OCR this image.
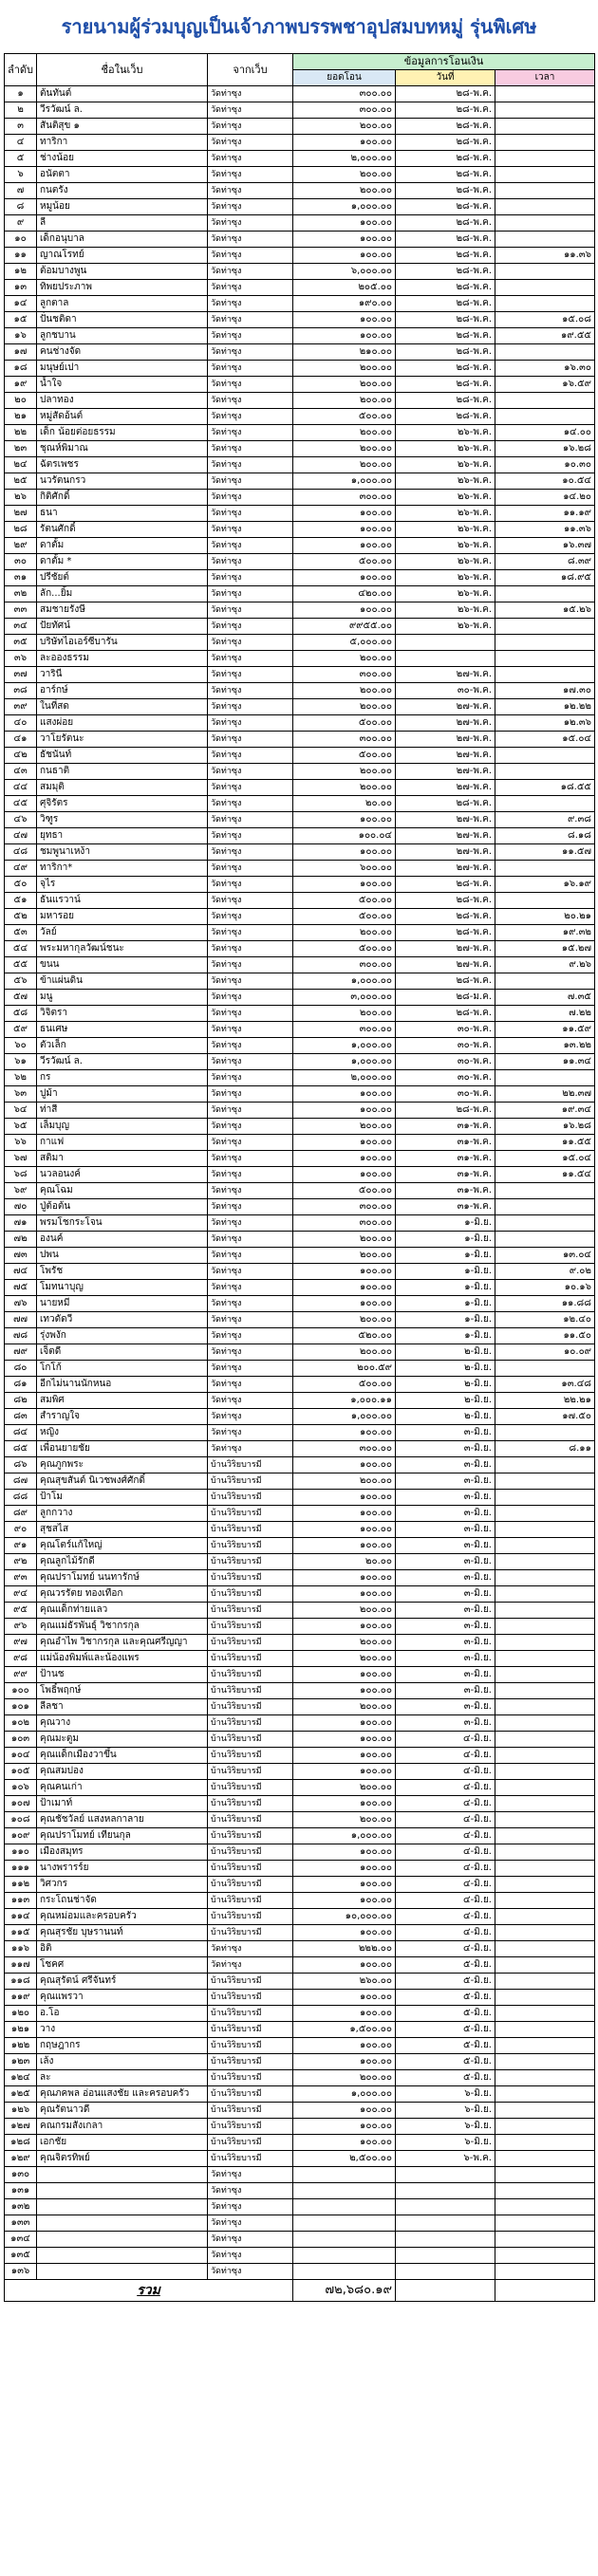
รายนามผู้ร่วมบุญเป็นเจ้าภาพบรรพชาอุปสมบทหมู่ รุ่นพิเศษ
ลำดับ	ชื่อในเว็บ	จากเว็บ	ข้อมูลการโอนเงิน		
			ยอดโอน	วันที่	เวลา
๑	ต้นทันต์	วัดท่าซุง	๓๐๐.๐๐	๒๘-พ.ค.	
๒	วีรวัฒน์ ล.	วัดท่าซุง	๓๐๐.๐๐	๒๘-พ.ค.	
๓	สันติสุข ๑	วัดท่าซุง	๒๐๐.๐๐	๒๘-พ.ค.	
๔	ทาริกา	วัดท่าซุง	๑๐๐.๐๐	๒๘-พ.ค.	
๕	ช่างน้อย	วัดท่าซุง	๒,๐๐๐.๐๐	๒๘-พ.ค.	
๖	อนัตตา	วัดท่าซุง	๒๐๐.๐๐	๒๘-พ.ค.	
๗	กนตรัง	วัดท่าซุง	๒๐๐.๐๐	๒๘-พ.ค.	
๘	หมูน้อย	วัดท่าซุง	๑,๐๐๐.๐๐	๒๘-พ.ค.	
๙	ลี	วัดท่าซุง	๑๐๐.๐๐	๒๘-พ.ค.	
๑๐	เด็กอนุบาล	วัดท่าซุง	๑๐๐.๐๐	๒๘-พ.ค.	
๑๑	ญาณโรทย์	วัดท่าซุง	๑๐๐.๐๐	๒๘-พ.ค.	๑๑.๓๖
๑๒	ต้อมบางพูน	วัดท่าซุง	๖,๐๐๐.๐๐	๒๘-พ.ค.	
๑๓	ทิพยประภาพ	วัดท่าซุง	๒๐๕.๐๐	๒๘-พ.ค.	
๑๔	ลูกตาล	วัดท่าซุง	๑๙๐.๐๐	๒๘-พ.ค.	
๑๕	ปั่นชติดา	วัดท่าซุง	๑๐๐.๐๐	๒๘-พ.ค.	๑๕.๐๘
๑๖	ลูกชบาน	วัดท่าซุง	๑๐๐.๐๐	๒๘-พ.ค.	๑๙.๕๕
๑๗	คนช่างจัด	วัดท่าซุง	๒๑๐.๐๐	๒๘-พ.ค.	
๑๘	มนุษย์เปา	วัดท่าซุง	๒๐๐.๐๐	๒๘-พ.ค.	๑๖.๓๐
๑๙	น้ำใจ	วัดท่าซุง	๒๐๐.๐๐	๒๘-พ.ค.	๑๖.๕๙
๒๐	ปลาทอง	วัดท่าซุง	๒๐๐.๐๐	๒๘-พ.ค.	
๒๑	หมู่สัดอ้นต์	วัดท่าซุง	๕๐๐.๐๐	๒๘-พ.ค.	
๒๒	เด็ก น้อยต่อยธรรม	วัดท่าซุง	๒๐๐.๐๐	๒๖-พ.ค.	๑๔.๐๐
๒๓	ชุณห์พิมาณ	วัดท่าซุง	๒๐๐.๐๐	๒๖-พ.ค.	๑๖.๒๘
๒๔	ฉัตรเพชร	วัดท่าซุง	๒๐๐.๐๐	๒๖-พ.ค.	๑๐.๓๐
๒๕	นวรัตนกรว	วัดท่าซุง	๑,๐๐๐.๐๐	๒๖-พ.ค.	๑๐.๕๔
๒๖	กิติศักดิ์	วัดท่าซุง	๓๐๐.๐๐	๒๖-พ.ค.	๑๔.๒๐
๒๗	ธนา	วัดท่าซุง	๑๐๐.๐๐	๒๖-พ.ค.	๑๑.๑๙
๒๘	รัตนศักดิ์	วัดท่าซุง	๑๐๐.๐๐	๒๖-พ.ค.	๑๑.๓๖
๒๙	ดาตั้ม	วัดท่าซุง	๑๐๐.๐๐	๒๖-พ.ค.	๑๖.๓๗
๓๐	ดาตั้ม *	วัดท่าซุง	๕๐๐.๐๐	๒๖-พ.ค.	๘.๓๙
๓๑	ปรีชัยต์	วัดท่าซุง	๑๐๐.๐๐	๒๖-พ.ค.	๑๘.๙๕
๓๒	ลัก...ยิ้ม	วัดท่าซุง	๔๒๐.๐๐	๒๖-พ.ค.	
๓๓	สมชายรังษี	วัดท่าซุง	๑๐๐.๐๐	๒๖-พ.ค.	๑๕.๒๖
๓๔	ปัยทัศน์	วัดท่าซุง	๙๙๕๕.๐๐	๒๖-พ.ค.	
๓๕	บริษัทไอเอร์ซีบารัน	วัดท่าซุง	๕,๐๐๐.๐๐		
๓๖	ละอองธรรม	วัดท่าซุง	๒๐๐.๐๐		
๓๗	วารินี	วัดท่าซุง	๓๐๐.๐๐	๒๗-พ.ค.	
๓๘	อาร์กษ์	วัดท่าซุง	๒๐๐.๐๐	๓๐-พ.ค.	๑๗.๓๐
๓๙	ในที่สด	วัดท่าซุง	๒๐๐.๐๐	๒๗-พ.ค.	๑๒.๒๒
๔๐	แสงผ่อย	วัดท่าซุง	๕๐๐.๐๐	๒๗-พ.ค.	๑๒.๓๖
๔๑	วาโยรัตนะ	วัดท่าซุง	๓๐๐.๐๐	๒๗-พ.ค.	๑๕.๐๔
๔๒	ธัชนันท์	วัดท่าซุง	๕๐๐.๐๐	๒๗-พ.ค.	
๔๓	กนธาติ	วัดท่าซุง	๒๐๐.๐๐	๒๗-พ.ค.	
๔๔	สมมุติ	วัดท่าซุง	๒๐๐.๐๐	๒๗-พ.ค.	๑๘.๕๕
๔๕	ศุจิรัตร	วัดท่าซุง	๒๐.๐๐	๒๘-พ.ค.	
๔๖	วิฑูร	วัดท่าซุง	๑๐๐.๐๐	๒๗-พ.ค.	๙.๓๘
๔๗	ยุทธา	วัดท่าซุง	๑๐๐.๐๔	๒๗-พ.ค.	๘.๑๘
๔๘	ชมพูนาเหง้า	วัดท่าซุง	๑๐๐.๐๐	๒๗-พ.ค.	๑๑.๕๗
๔๙	ทาริกา*	วัดท่าซุง	๖๐๐.๐๐	๒๗-พ.ค.	
๕๐	จุไร	วัดท่าซุง	๑๐๐.๐๐	๒๘-พ.ค.	๑๖.๑๙
๕๑	ธันแรวาน์	วัดท่าซุง	๕๐๐.๐๐	๒๘-พ.ค.	
๕๒	มหารอย	วัดท่าซุง	๕๐๐.๐๐	๒๘-พ.ค.	๒๐.๒๑
๕๓	วัลย์	วัดท่าซุง	๒๐๐.๐๐	๒๘-พ.ค.	๑๙.๓๒
๕๔	พระมหากุลวัฒน์ชนะ	วัดท่าซุง	๕๐๐.๐๐	๒๗-พ.ค.	๑๕.๒๗
๕๕	ขนน	วัดท่าซุง	๓๐๐.๐๐	๒๗-พ.ค.	๙.๒๖
๕๖	ข้าแผ่นดิน	วัดท่าซุง	๑,๐๐๐.๐๐	๒๘-พ.ค.	
๕๗	มนู	วัดท่าซุง	๓,๐๐๐.๐๐	๒๘-ม.ค.	๗.๓๕
๕๘	วิจิตรา	วัดท่าซุง	๒๐๐.๐๐	๒๘-พ.ค.	๗.๒๒
๕๙	ธนเศษ	วัดท่าซุง	๓๐๐.๐๐	๓๐-พ.ค.	๑๑.๕๙
๖๐	ตัวเล็ก	วัดท่าซุง	๑,๐๐๐.๐๐	๓๐-พ.ค.	๑๓.๒๒
๖๑	วีรวัฒน์ ล.	วัดท่าซุง	๑,๐๐๐.๐๐	๓๐-พ.ค.	๑๑.๓๔
๖๒	กร	วัดท่าซุง	๒,๐๐๐.๐๐	๓๐-พ.ค.	
๖๓	ปูม้า	วัดท่าซุง	๑๐๐.๐๐	๓๐-พ.ค.	๒๒.๓๗
๖๔	ท่าสี	วัดท่าซุง	๑๐๐.๐๐	๒๘-พ.ค.	๑๙.๓๔
๖๕	เล็มบุญ	วัดท่าซุง	๒๐๐.๐๐	๓๑-พ.ค.	๑๖.๒๘
๖๖	กาแฟ	วัดท่าซุง	๑๐๐.๐๐	๓๑-พ.ค.	๑๑.๕๕
๖๗	สติมา	วัดท่าซุง	๑๐๐.๐๐	๓๑-พ.ค.	๑๕.๐๔
๖๘	นวลอนงค์	วัดท่าซุง	๑๐๐.๐๐	๓๑-พ.ค.	๑๑.๕๔
๖๙	คุณโฉม	วัดท่าซุง	๕๐๐.๐๐	๓๑-พ.ค.	
๗๐	ปู่ต้อต้น	วัดท่าซุง	๓๐๐.๐๐	๓๑-พ.ค.	
๗๑	พรมโชกระโจน	วัดท่าซุง	๓๐๐.๐๐	๑-มิ.ย.	
๗๒	องนค์	วัดท่าซุง	๒๐๐.๐๐	๑-มิ.ย.	
๗๓	ปพน	วัดท่าซุง	๒๐๐.๐๐	๑-มิ.ย.	๑๓.๐๔
๗๔	โพรัช	วัดท่าซุง	๑๐๐.๐๐	๑-มิ.ย.	๙.๐๒
๗๕	โมทนาบุญ	วัดท่าซุง	๑๐๐.๐๐	๑-มิ.ย.	๑๐.๑๖
๗๖	นายหมี	วัดท่าซุง	๑๐๐.๐๐	๑-มิ.ย.	๑๑.๘๘
๗๗	เทวดัดวี	วัดท่าซุง	๒๐๐.๐๐	๑-มิ.ย.	๑๒.๔๐
๗๘	รุ่งพงัก	วัดท่าซุง	๕๒๐.๐๐	๑-มิ.ย.	๑๑.๕๐
๗๙	เจ็ตดี	วัดท่าซุง	๒๐๐.๐๐	๒-มิ.ย.	๑๐.๐๙
๘๐	โกโก้	วัดท่าซุง	๒๐๐.๕๙	๒-มิ.ย.	
๘๑	อีกไม่นานนักหนอ	วัดท่าซุง	๕๐๐.๐๐	๒-มิ.ย.	๑๓.๔๘
๘๒	สมพิศ	วัดท่าซุง	๑,๐๐๐.๑๑	๒-มิ.ย.	๒๒.๒๑
๘๓	สำราญใจ	วัดท่าซุง	๑,๐๐๐.๐๐	๒-มิ.ย.	๑๗.๕๐
๘๔	หญิง	วัดท่าซุง	๑๐๐.๐๐	๓-มิ.ย.	
๘๕	เพื่อนยายชัย	วัดท่าซุง	๓๐๐.๐๐	๓-มิ.ย.	๘.๑๑
๘๖	คุณภูกพระ	บ้านวิริยบารมี	๑๐๐.๐๐	๓-มิ.ย.	
๘๗	คุณสุขสันต์ นิเวชพงศ์ศักดิ์	บ้านวิริยบารมี	๒๐๐.๐๐	๓-มิ.ย.	
๘๘	ป้าโม	บ้านวิริยบารมี	๑๐๐.๐๐	๓-มิ.ย.	
๘๙	ลูกกวาง	บ้านวิริยบารมี	๑๐๐.๐๐	๓-มิ.ย.	
๙๐	สุชสไส	บ้านวิริยบารมี	๑๐๐.๐๐	๓-มิ.ย.	
๙๑	คุณโตร์แก้ใหญ่	บ้านวิริยบารมี	๑๐๐.๐๐	๓-มิ.ย.	
๙๒	คุณลูกไม้รักดี	บ้านวิริยบารมี	๒๐.๐๐	๓-มิ.ย.	
๙๓	คุณปราโมทย์ นนทารักษ์	บ้านวิริยบารมี	๑๐๐.๐๐	๓-มิ.ย.	
๙๔	คุณวรรัตย ทองเทือก	บ้านวิริยบารมี	๑๐๐.๐๐	๓-มิ.ย.	
๙๕	คุณแด็กท่ายแลว	บ้านวิริยบารมี	๒๐๐.๐๐	๓-มิ.ย.	
๙๖	คุณแม่ธัรพันธุ์ วิชากรกุล	บ้านวิริยบารมี	๑๐๐.๐๐	๓-มิ.ย.	
๙๗	คุณอำไพ วิชากรกุล และคุณศรีญญา	บ้านวิริยบารมี	๒๐๐.๐๐	๓-มิ.ย.	
๙๘	แม่น้องพิมพ์และน้องแพร	บ้านวิริยบารมี	๒๐๐.๐๐	๓-มิ.ย.	
๙๙	ป้านช	บ้านวิริยบารมี	๑๐๐.๐๐	๓-มิ.ย.	
๑๐๐	โพธิ์พฤกษ์	บ้านวิริยบารมี	๑๐๐.๐๐	๓-มิ.ย.	
๑๐๑	ลีลชา	บ้านวิริยบารมี	๒๐๐.๐๐	๓-มิ.ย.	
๑๐๒	คุณวาง	บ้านวิริยบารมี	๑๐๐.๐๐	๓-มิ.ย.	
๑๐๓	คุณมะตูม	บ้านวิริยบารมี	๑๐๐.๐๐	๔-มิ.ย.	
๑๐๔	คุณแด็กเมืองวาขึ้น	บ้านวิริยบารมี	๑๐๐.๐๐	๔-มิ.ย.	
๑๐๕	คุณสมปอง	บ้านวิริยบารมี	๑๐๐.๐๐	๔-มิ.ย.	
๑๐๖	คุณคนเก่า	บ้านวิริยบารมี	๒๐๐.๐๐	๔-มิ.ย.	
๑๐๗	ป้าเมาท์	บ้านวิริยบารมี	๑๐๐.๐๐	๔-มิ.ย.	
๑๐๘	คุณชัชวัลย์ แสงหลกาลาย	บ้านวิริยบารมี	๒๐๐.๐๐	๔-มิ.ย.	
๑๐๙	คุณปราโมทย์ เทียนกุล	บ้านวิริยบารมี	๑,๐๐๐.๐๐	๔-มิ.ย.	
๑๑๐	เมืองสมุทร	บ้านวิริยบารมี	๑๐๐.๐๐	๔-มิ.ย.	
๑๑๑	นางพรารร์ย	บ้านวิริยบารมี	๑๐๐.๐๐	๔-มิ.ย.	
๑๑๒	วิศวกร	บ้านวิริยบารมี	๑๐๐.๐๐	๔-มิ.ย.	
๑๑๓	กระโถนช่าจัด	บ้านวิริยบารมี	๑๐๐.๐๐	๔-มิ.ย.	
๑๑๔	คุณหม่อมและครอบครัว	บ้านวิริยบารมี	๑๐,๐๐๐.๐๐	๔-มิ.ย.	
๑๑๕	คุณสุรชัย บุษรานนท์	บ้านวิริยบารมี	๑๐๐.๐๐	๔-มิ.ย.	
๑๑๖	อิติ	วัดท่าซุง	๒๒๒.๐๐	๔-มิ.ย.	
๑๑๗	โชคศ	วัดท่าซุง	๑๐๐.๐๐	๕-มิ.ย.	
๑๑๘	คุณสุรัตน์ ศรีจันทร์	บ้านวิริยบารมี	๒๖๐.๐๐	๕-มิ.ย.	
๑๑๙	คุณแพรวา	บ้านวิริยบารมี	๑๐๐.๐๐	๕-มิ.ย.	
๑๒๐	อ.โอ	บ้านวิริยบารมี	๑๐๐.๐๐	๕-มิ.ย.	
๑๒๑	วาง	บ้านวิริยบารมี	๑,๕๐๐.๐๐	๕-มิ.ย.	
๑๒๒	กฤษฎากร	บ้านวิริยบารมี	๑๐๐.๐๐	๕-มิ.ย.	
๑๒๓	เล้ง	บ้านวิริยบารมี	๑๐๐.๐๐	๕-มิ.ย.	
๑๒๔	ละ	บ้านวิริยบารมี	๒๐๐.๐๐	๕-มิ.ย.	
๑๒๕	คุณภคพล อ่อนแสงชัย และครอบครัว	บ้านวิริยบารมี	๑,๐๐๐.๐๐	๖-มิ.ย.	
๑๒๖	คุณรัตนาวดี	บ้านวิริยบารมี	๑๐๐.๐๐	๖-มิ.ย.	
๑๒๗	คณกรมสังเกลา	บ้านวิริยบารมี	๑๐๐.๐๐	๖-มิ.ย.	
๑๒๘	เอกชัย	บ้านวิริยบารมี	๑๐๐.๐๐	๖-มิ.ย.	
๑๒๙	คุณจิตรทิพย์	บ้านวิริยบารมี	๒,๕๐๐.๐๐	๖-พ.ค.	
๑๓๐		วัดท่าซุง			
๑๓๑		วัดท่าซุง			
๑๓๒		วัดท่าซุง			
๑๓๓		วัดท่าซุง			
๑๓๔		วัดท่าซุง			
๑๓๕		วัดท่าซุง			
๑๓๖		วัดท่าซุง			
รวม			๗๒,๖๘๐.๑๙		
